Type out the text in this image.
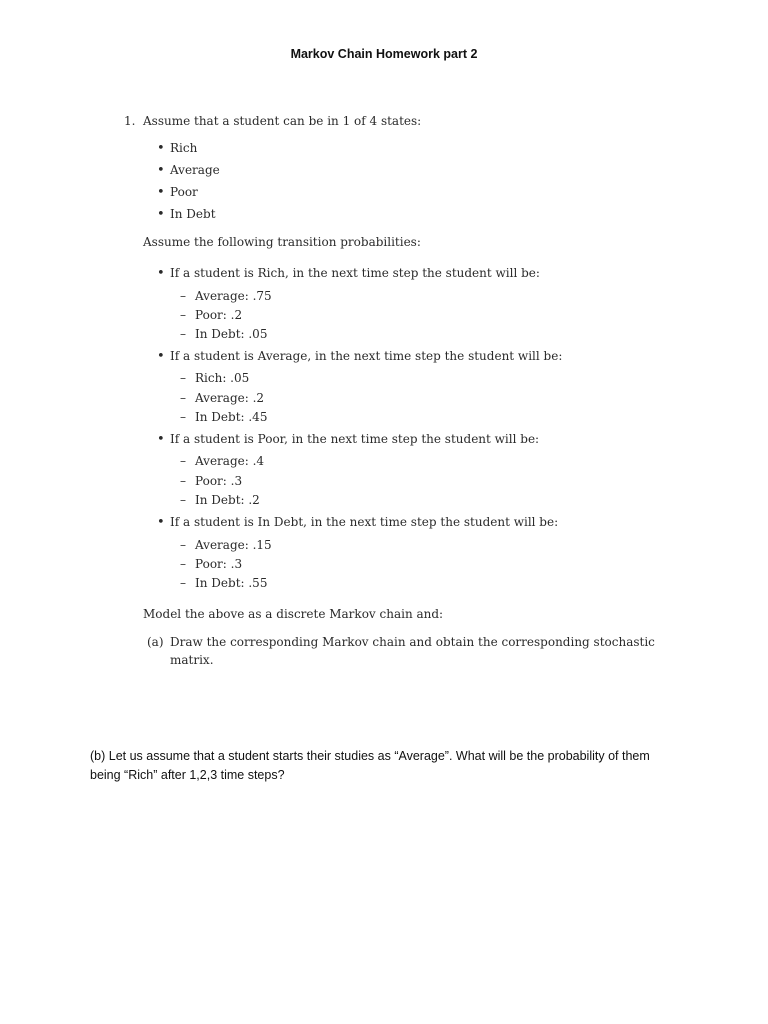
Markov Chain Homework part 2
1. Assume that a student can be in 1 of 4 states:
• Rich
• Average
• Poor
• In Debt
Assume the following transition probabilities:
• If a student is Rich, in the next time step the student will be:
– Average: .75
– Poor: .2
– In Debt: .05
• If a student is Average, in the next time step the student will be:
– Rich: .05
– Average: .2
– In Debt: .45
• If a student is Poor, in the next time step the student will be:
– Average: .4
– Poor: .3
– In Debt: .2
• If a student is In Debt, in the next time step the student will be:
– Average: .15
– Poor: .3
– In Debt: .55
Model the above as a discrete Markov chain and:
(a) Draw the corresponding Markov chain and obtain the corresponding stochastic
matrix.
(b) Let us assume that a student starts their studies as “Average”. What will be the probability of them
being “Rich” after 1,2,3 time steps?
